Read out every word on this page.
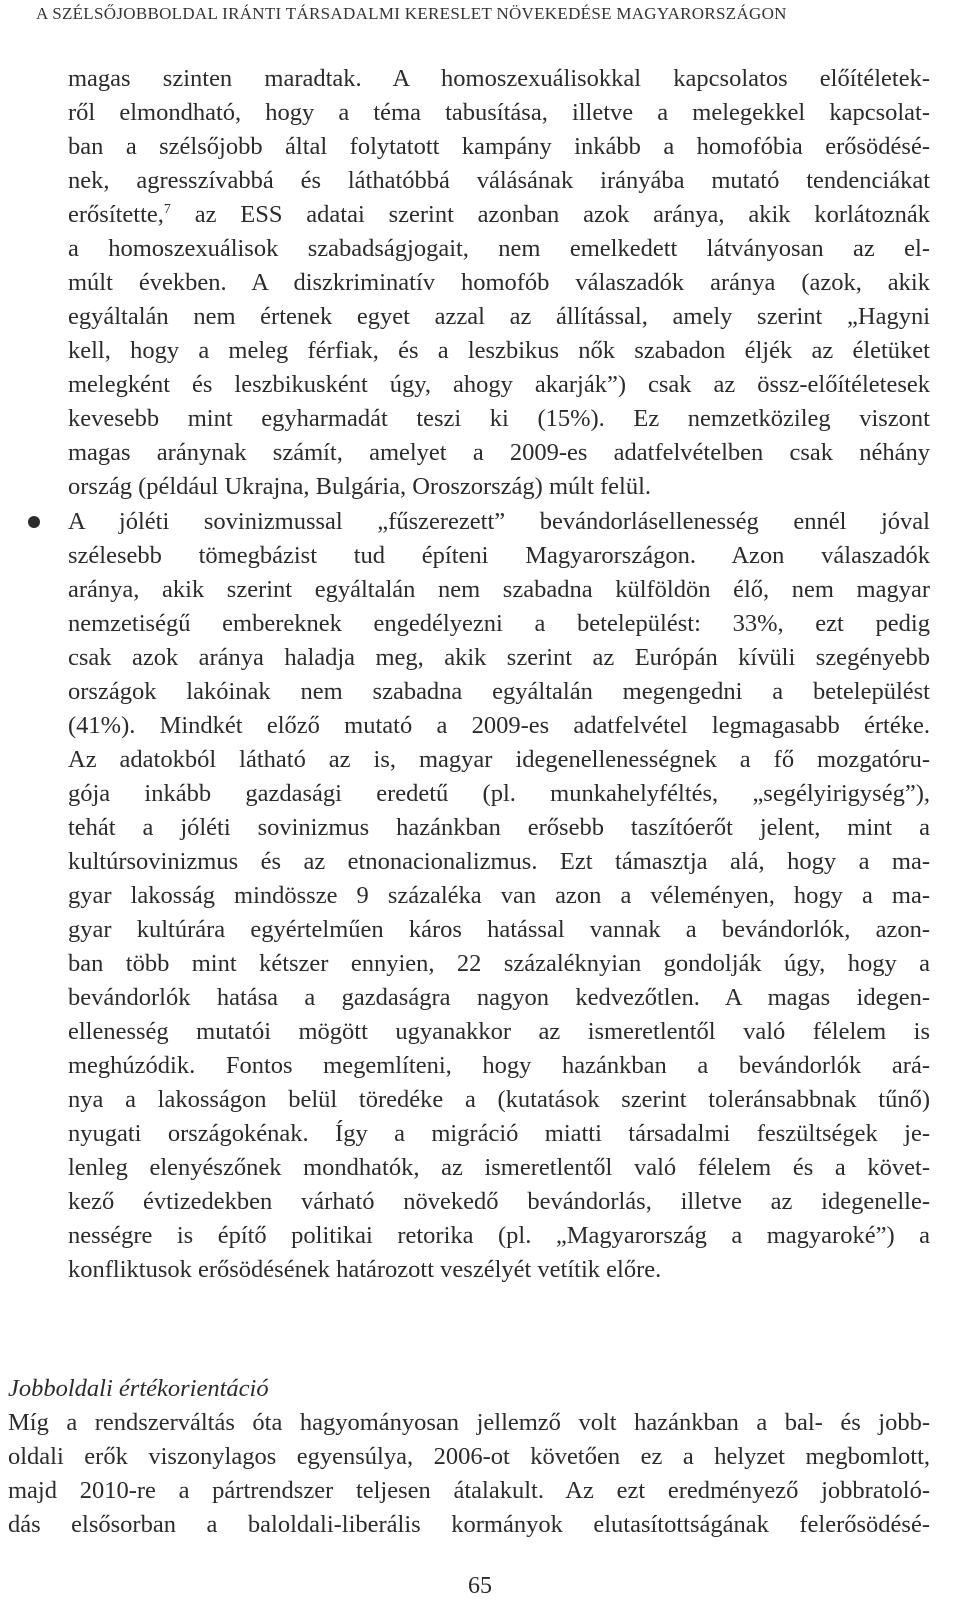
A SZÉLSŐJOBBOLDAL IRÁNTI TÁRSADALMI KERESLET NÖVEKEDÉSE MAGYARORSZÁGON
magas szinten maradtak. A homoszexuálisokkal kapcsolatos előítéletek-
ről elmondható, hogy a téma tabusítása, illetve a melegekkel kapcsolat-
ban a szélsőjobb által folytatott kampány inkább a homofóbia erősödésé-
nek, agresszívabbá és láthatóbbá válásának irányába mutató tendenciákat
erősítette,$^7$ az ESS adatai szerint azonban azok aránya, akik korlátoznák
a homoszexuálisok szabadságjogait, nem emelkedett látványosan az el-
múlt években. A diszkriminatív homofób válaszadók aránya (azok, akik
egyáltalán nem értenek egyet azzal az állítással, amely szerint „Hagyni
kell, hogy a meleg férfiak, és a leszbikus nők szabadon éljék az életüket
melegként és leszbikusként úgy, ahogy akarják”) csak az össz-előítéletesek
kevesebb mint egyharmadát teszi ki (15%). Ez nemzetközileg viszont
magas aránynak számít, amelyet a 2009-es adatfelvételben csak néhány
ország (például Ukrajna, Bulgária, Oroszország) múlt felül.
A jóléti sovinizmussal „fűszerezett” bevándorlásellenesség ennél jóval
szélesebb tömegbázist tud építeni Magyarországon. Azon válaszadók
aránya, akik szerint egyáltalán nem szabadna külföldön élő, nem magyar
nemzetiségű embereknek engedélyezni a betelepülést: 33%, ezt pedig
csak azok aránya haladja meg, akik szerint az Európán kívüli szegényebb
országok lakóinak nem szabadna egyáltalán megengedni a betelepülést
(41%). Mindkét előző mutató a 2009-es adatfelvétel legmagasabb értéke.
Az adatokból látható az is, magyar idegenellenességnek a fő mozgatóru-
gója inkább gazdasági eredetű (pl. munkahelyféltés, „segélyirigység”),
tehát a jóléti sovinizmus hazánkban erősebb taszítóerőt jelent, mint a
kultúrsovinizmus és az etnonacionalizmus. Ezt támasztja alá, hogy a ma-
gyar lakosság mindössze 9 százaléka van azon a véleményen, hogy a ma-
gyar kultúrára egyértelműen káros hatással vannak a bevándorlók, azon-
ban több mint kétszer ennyien, 22 százaléknyian gondolják úgy, hogy a
bevándorlók hatása a gazdaságra nagyon kedvezőtlen. A magas idegen-
ellenesség mutatói mögött ugyanakkor az ismeretlentől való félelem is
meghúzódik. Fontos megemlíteni, hogy hazánkban a bevándorlók ará-
nya a lakosságon belül töredéke a (kutatások szerint toleránsabbnak tűnő)
nyugati országokénak. Így a migráció miatti társadalmi feszültségek je-
lenleg elenyészőnek mondhatók, az ismeretlentől való félelem és a követ-
kező évtizedekben várható növekedő bevándorlás, illetve az idegenelle-
nességre is építő politikai retorika (pl. „Magyarország a magyaroké”) a
konfliktusok erősödésének határozott veszélyét vetítik előre.
Jobboldali értékorientáció
Míg a rendszerváltás óta hagyományosan jellemző volt hazánkban a bal- és jobb-
oldali erők viszonylagos egyensúlya, 2006-ot követően ez a helyzet megbomlott,
majd 2010-re a pártrendszer teljesen átalakult. Az ezt eredményező jobbratoló-
dás elsősorban a baloldali-liberális kormányok elutasítottságának felerősödésé-
65
